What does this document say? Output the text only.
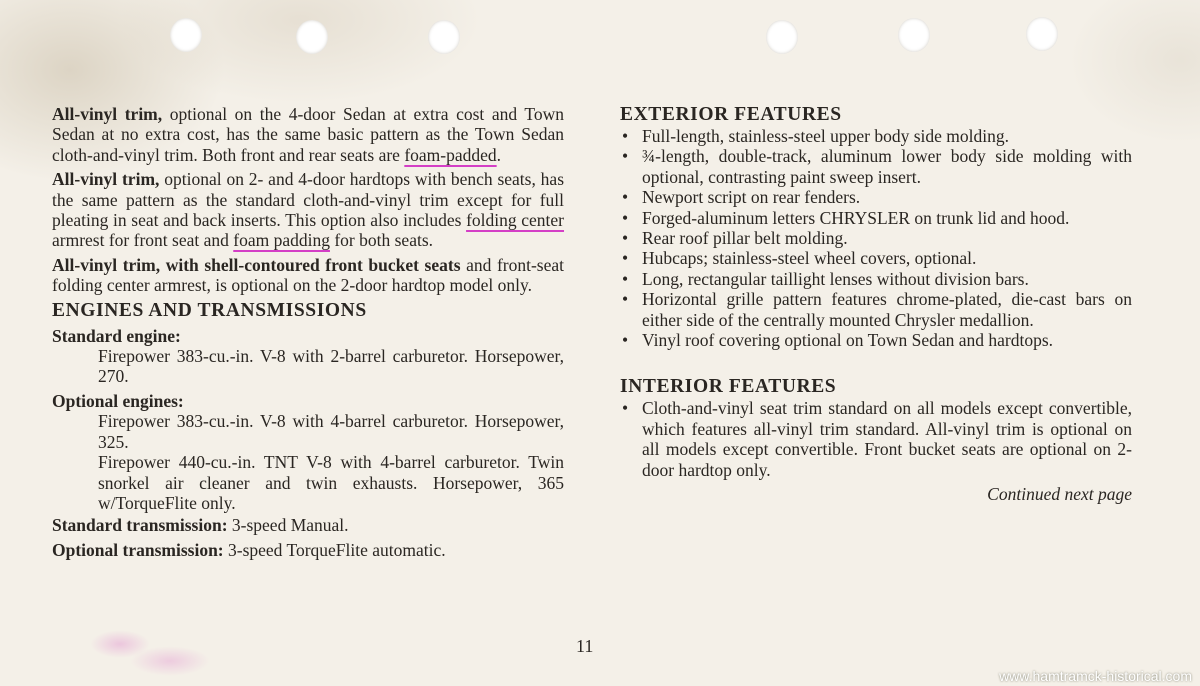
All-vinyl trim, optional on the 4-door Sedan at extra cost and Town Sedan at no extra cost, has the same basic pattern as the Town Sedan cloth-and-vinyl trim. Both front and rear seats are foam-padded.

All-vinyl trim, optional on 2- and 4-door hardtops with bench seats, has the same pattern as the standard cloth-and-vinyl trim except for full pleating in seat and back inserts. This option also includes folding center armrest for front seat and foam padding for both seats.

All-vinyl trim, with shell-contoured front bucket seats and front-seat folding center armrest, is optional on the 2-door hardtop model only.

ENGINES AND TRANSMISSIONS
Standard engine:

Firepower 383-cu.-in. V-8 with 2-barrel carburetor. Horsepower, 270.

Optional engines:

Firepower 383-cu.-in. V-8 with 4-barrel carburetor. Horsepower, 325.

Firepower 440-cu.-in. TNT V-8 with 4-barrel carburetor. Twin snorkel air cleaner and twin exhausts. Horsepower, 365 w/TorqueFlite only.

Standard transmission: 3-speed Manual.

Optional transmission: 3-speed TorqueFlite automatic.

EXTERIOR FEATURES
• Full-length, stainless-steel upper body side molding.
• ¾-length, double-track, aluminum lower body side molding with optional, contrasting paint sweep insert.
• Newport script on rear fenders.
• Forged-aluminum letters CHRYSLER on trunk lid and hood.
• Rear roof pillar belt molding.
• Hubcaps; stainless-steel wheel covers, optional.
• Long, rectangular taillight lenses without division bars.
• Horizontal grille pattern features chrome-plated, die-cast bars on either side of the centrally mounted Chrysler medallion.
• Vinyl roof covering optional on Town Sedan and hardtops.
INTERIOR FEATURES
• Cloth-and-vinyl seat trim standard on all models except convertible, which features all-vinyl trim standard. All-vinyl trim is optional on all models except convertible. Front bucket seats are optional on 2-door hardtop only.
Continued next page
11
www.hamtramck-historical.com
